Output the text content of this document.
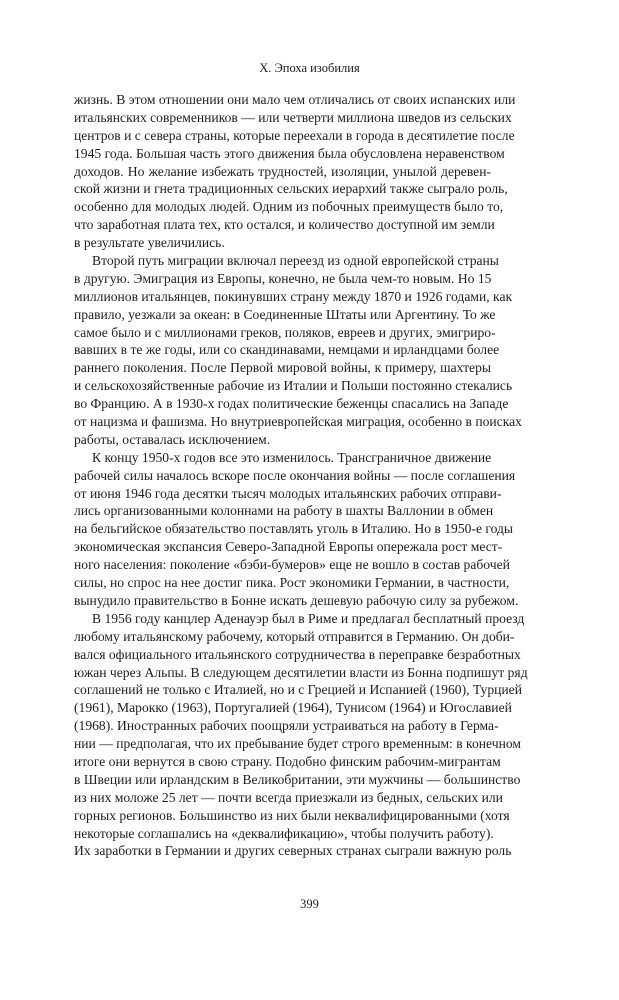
X. Эпоха изобилия
жизнь. В этом отношении они мало чем отличались от своих испанских или
итальянских современников — или четверти миллиона шведов из сельских
центров и с севера страны, которые переехали в города в десятилетие после
1945 года. Большая часть этого движения была обусловлена неравенством
доходов. Но желание избежать трудностей, изоляции, унылой деревен-
ской жизни и гнета традиционных сельских иерархий также сыграло роль,
особенно для молодых людей. Одним из побочных преимуществ было то,
что заработная плата тех, кто остался, и количество доступной им земли
в результате увеличились.
Второй путь миграции включал переезд из одной европейской страны
в другую. Эмиграция из Европы, конечно, не была чем-то новым. Но 15
миллионов итальянцев, покинувших страну между 1870 и 1926 годами, как
правило, уезжали за океан: в Соединенные Штаты или Аргентину. То же
самое было и с миллионами греков, поляков, евреев и других, эмигриро-
вавших в те же годы, или со скандинавами, немцами и ирландцами более
раннего поколения. После Первой мировой войны, к примеру, шахтеры
и сельскохозяйственные рабочие из Италии и Польши постоянно стекались
во Францию. А в 1930-х годах политические беженцы спасались на Западе
от нацизма и фашизма. Но внутриевропейская миграция, особенно в поисках
работы, оставалась исключением.
К концу 1950-х годов все это изменилось. Трансграничное движение
рабочей силы началось вскоре после окончания войны — после соглашения
от июня 1946 года десятки тысяч молодых итальянских рабочих отправи-
лись организованными колоннами на работу в шахты Валлонии в обмен
на бельгийское обязательство поставлять уголь в Италию. Но в 1950-е годы
экономическая экспансия Северо-Западной Европы опережала рост мест-
ного населения: поколение «бэби-бумеров» еще не вошло в состав рабочей
силы, но спрос на нее достиг пика. Рост экономики Германии, в частности,
вынудило правительство в Бонне искать дешевую рабочую силу за рубежом.
В 1956 году канцлер Аденауэр был в Риме и предлагал бесплатный проезд
любому итальянскому рабочему, который отправится в Германию. Он доби-
вался официального итальянского сотрудничества в переправке безработных
южан через Альпы. В следующем десятилетии власти из Бонна подпишут ряд
соглашений не только с Италией, но и с Грецией и Испанией (1960), Турцией
(1961), Марокко (1963), Португалией (1964), Тунисом (1964) и Югославией
(1968). Иностранных рабочих поощряли устраиваться на работу в Герма-
нии — предполагая, что их пребывание будет строго временным: в конечном
итоге они вернутся в свою страну. Подобно финским рабочим-мигрантам
в Швеции или ирландским в Великобритании, эти мужчины — большинство
из них моложе 25 лет — почти всегда приезжали из бедных, сельских или
горных регионов. Большинство из них были неквалифицированными (хотя
некоторые соглашались на «деквалификацию», чтобы получить работу).
Их заработки в Германии и других северных странах сыграли важную роль
399
